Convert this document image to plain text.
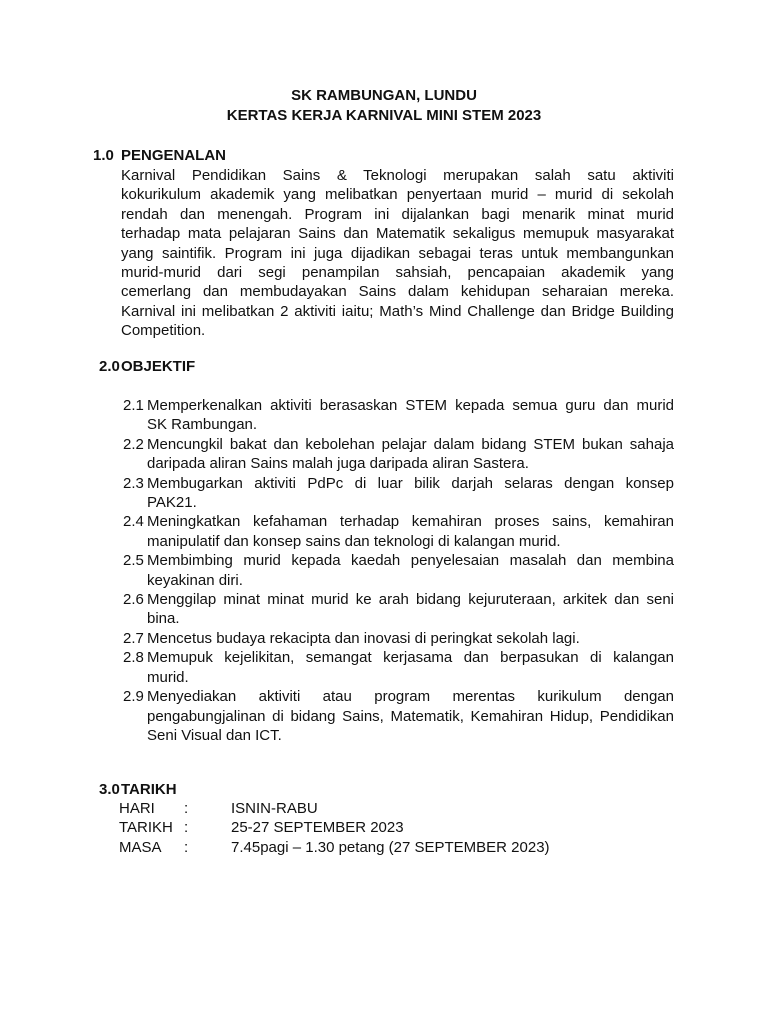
SK RAMBUNGAN, LUNDU
KERTAS KERJA KARNIVAL MINI STEM 2023
1.0 PENGENALAN
Karnival Pendidikan Sains & Teknologi merupakan salah satu aktiviti
kokurikulum akademik yang melibatkan penyertaan murid – murid di sekolah
rendah dan menengah. Program ini dijalankan bagi menarik minat murid
terhadap mata pelajaran Sains dan Matematik sekaligus memupuk masyarakat
yang saintifik. Program ini juga dijadikan sebagai teras untuk membangunkan
murid-murid dari segi penampilan sahsiah, pencapaian akademik yang
cemerlang dan membudayakan Sains dalam kehidupan seharaian mereka.
Karnival ini melibatkan 2 aktiviti iaitu; Math’s Mind Challenge dan Bridge Building
Competition.
2.0OBJEKTIF
2.1 Memperkenalkan aktiviti berasaskan STEM kepada semua guru dan murid
SK Rambungan.
2.2 Mencungkil bakat dan kebolehan pelajar dalam bidang STEM bukan sahaja
daripada aliran Sains malah juga daripada aliran Sastera.
2.3 Membugarkan aktiviti PdPc di luar bilik darjah selaras dengan konsep
PAK21.
2.4 Meningkatkan kefahaman terhadap kemahiran proses sains, kemahiran
manipulatif dan konsep sains dan teknologi di kalangan murid.
2.5 Membimbing murid kepada kaedah penyelesaian masalah dan membina
keyakinan diri.
2.6 Menggilap minat minat murid ke arah bidang kejuruteraan, arkitek dan seni
bina.
2.7 Mencetus budaya rekacipta dan inovasi di peringkat sekolah lagi.
2.8 Memupuk kejelikitan, semangat kerjasama dan berpasukan di kalangan
murid.
2.9 Menyediakan aktiviti atau program merentas kurikulum dengan
pengabungjalinan di bidang Sains, Matematik, Kemahiran Hidup, Pendidikan
Seni Visual dan ICT.
3.0TARIKH
HARI :	ISNIN-RABU
TARIKH :	25-27 SEPTEMBER 2023
MASA :	7.45pagi – 1.30 petang (27 SEPTEMBER 2023)
